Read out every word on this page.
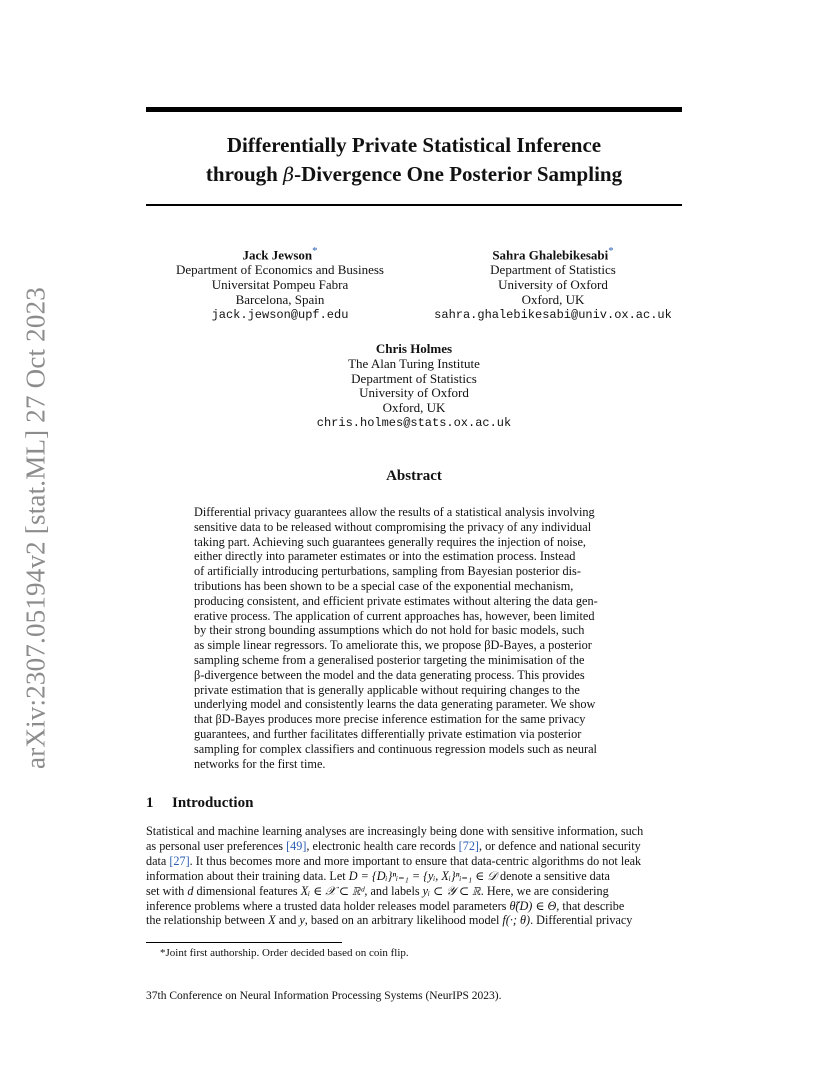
arXiv:2307.05194v2 [stat.ML] 27 Oct 2023
Differentially Private Statistical Inference
through β-Divergence One Posterior Sampling
Jack Jewson*
Department of Economics and Business
Universitat Pompeu Fabra
Barcelona, Spain
jack.jewson@upf.edu
Sahra Ghalebikesabi*
Department of Statistics
University of Oxford
Oxford, UK
sahra.ghalebikesabi@univ.ox.ac.uk
Chris Holmes
The Alan Turing Institute
Department of Statistics
University of Oxford
Oxford, UK
chris.holmes@stats.ox.ac.uk
Abstract
Differential privacy guarantees allow the results of a statistical analysis involving
sensitive data to be released without compromising the privacy of any individual
taking part. Achieving such guarantees generally requires the injection of noise,
either directly into parameter estimates or into the estimation process. Instead
of artificially introducing perturbations, sampling from Bayesian posterior dis-
tributions has been shown to be a special case of the exponential mechanism,
producing consistent, and efficient private estimates without altering the data gen-
erative process. The application of current approaches has, however, been limited
by their strong bounding assumptions which do not hold for basic models, such
as simple linear regressors. To ameliorate this, we propose βD-Bayes, a posterior
sampling scheme from a generalised posterior targeting the minimisation of the
β-divergence between the model and the data generating process. This provides
private estimation that is generally applicable without requiring changes to the
underlying model and consistently learns the data generating parameter. We show
that βD-Bayes produces more precise inference estimation for the same privacy
guarantees, and further facilitates differentially private estimation via posterior
sampling for complex classifiers and continuous regression models such as neural
networks for the first time.
1 Introduction
Statistical and machine learning analyses are increasingly being done with sensitive information, such
as personal user preferences [49], electronic health care records [72], or defence and national security
data [27]. It thus becomes more and more important to ensure that data-centric algorithms do not leak
information about their training data. Let D = {Dᵢ}ⁿᵢ₌₁ = {yᵢ, Xᵢ}ⁿᵢ₌₁ ∈ 𝒟 denote a sensitive data
set with d dimensional features Xᵢ ∈ 𝒳 ⊂ ℝᵈ, and labels yᵢ ⊂ 𝒴 ⊂ ℝ. Here, we are considering
inference problems where a trusted data holder releases model parameters θ̃(D) ∈ Θ, that describe
the relationship between X and y, based on an arbitrary likelihood model f(·; θ). Differential privacy
*Joint first authorship. Order decided based on coin flip.
37th Conference on Neural Information Processing Systems (NeurIPS 2023).
